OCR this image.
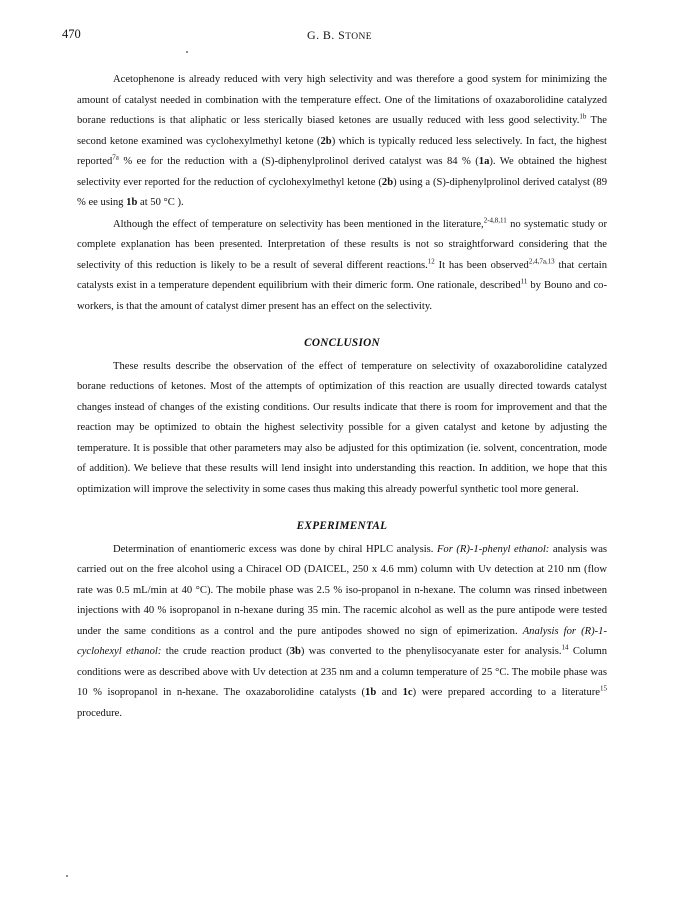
470	G. B. STONE

Acetophenone is already reduced with very high selectivity and was therefore a good system for minimizing the amount of catalyst needed in combination with the temperature effect. One of the limitations of oxazaborolidine catalyzed borane reductions is that aliphatic or less sterically biased ketones are usually reduced with less good selectivity.$^{1b}$ The second ketone examined was cyclohexylmethyl ketone (2b) which is typically reduced less selectively. In fact, the highest reported$^{7a}$ % ee for the reduction with a (S)-diphenylprolinol derived catalyst was 84 % (1a). We obtained the highest selectivity ever reported for the reduction of cyclohexylmethyl ketone (2b) using a (S)-diphenylprolinol derived catalyst (89 % ee using 1b at 50 °C ).

Although the effect of temperature on selectivity has been mentioned in the literature,$^{2-4,8,11}$ no systematic study or complete explanation has been presented. Interpretation of these results is not so straightforward considering that the selectivity of this reduction is likely to be a result of several different reactions.$^{12}$ It has been observed$^{2,4,7a,13}$ that certain catalysts exist in a temperature dependent equilibrium with their dimeric form. One rationale, described$^{11}$ by Bouno and co-workers, is that the amount of catalyst dimer present has an effect on the selectivity.

CONCLUSION

These results describe the observation of the effect of temperature on selectivity of oxazaborolidine catalyzed borane reductions of ketones. Most of the attempts of optimization of this reaction are usually directed towards catalyst changes instead of changes of the existing conditions. Our results indicate that there is room for improvement and that the reaction may be optimized to obtain the highest selectivity possible for a given catalyst and ketone by adjusting the temperature. It is possible that other parameters may also be adjusted for this optimization (ie. solvent, concentration, mode of addition). We believe that these results will lend insight into understanding this reaction. In addition, we hope that this optimization will improve the selectivity in some cases thus making this already powerful synthetic tool more general.

EXPERIMENTAL

Determination of enantiomeric excess was done by chiral HPLC analysis. For (R)-1-phenyl ethanol: analysis was carried out on the free alcohol using a Chiracel OD (DAICEL, 250 x 4.6 mm) column with Uv detection at 210 nm (flow rate was 0.5 mL/min at 40 °C). The mobile phase was 2.5 % iso-propanol in n-hexane. The column was rinsed inbetween injections with 40 % isopropanol in n-hexane during 35 min. The racemic alcohol as well as the pure antipode were tested under the same conditions as a control and the pure antipodes showed no sign of epimerization. Analysis for (R)-1-cyclohexyl ethanol: the crude reaction product (3b) was converted to the phenylisocyanate ester for analysis.$^{14}$ Column conditions were as described above with Uv detection at 235 nm and a column temperature of 25 °C. The mobile phase was 10 % isopropanol in n-hexane. The oxazaborolidine catalysts (1b and 1c) were prepared according to a literature$^{15}$ procedure.
